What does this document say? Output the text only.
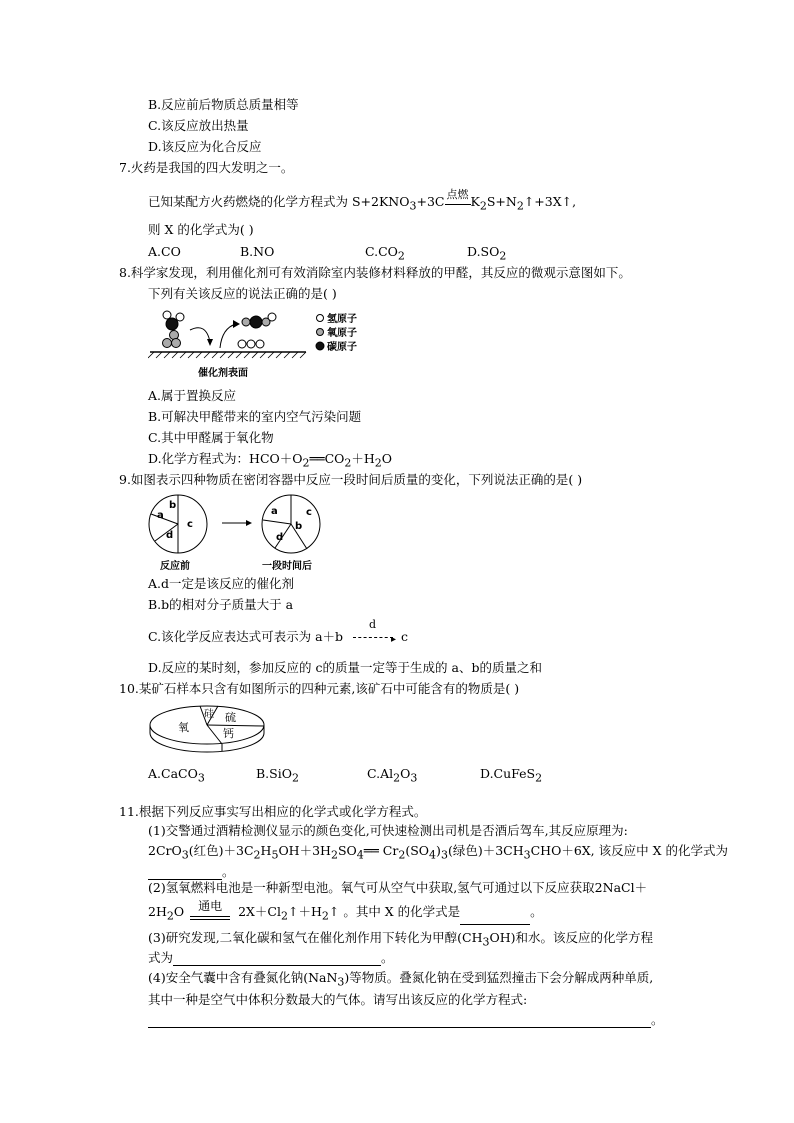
B.反应前后物质总质量相等
C.该反应放出热量
D.该反应为化合反应
7.火药是我国的四大发明之一。
已知某配方火药燃烧的化学方程式为 $S+2KNO_3+3C$ 点燃 $K_2S+N_2↑+3X↑$,
则 X 的化学式为( )
A.CO	B.NO	$C.CO_2$	$D.SO_2$
8.科学家发现，利用催化剂可有效消除室内装修材料释放的甲醛，其反应的微观示意图如下。
下列有关该反应的说法正确的是( )
催化剂表面
氢原子
氧原子
碳原子
A.属于置换反应
B.可解决甲醛带来的室内空气污染问题
C.其中甲醛属于氧化物
D.化学方程式为：$HCO+O_2══CO_2+H_2O$
9.如图表示四种物质在密闭容器中反应一段时间后质量的变化，下列说法正确的是( )
a
b
c
d
a
b
c
d
反应前	一段时间后
A.d一定是该反应的催化剂
B.b的相对分子质量大于 a
C.该化学反应表达式可表示为 a＋b
d
▸ c
D.反应的某时刻，参加反应的 c的质量一定等于生成的 a、b的质量之和
10.某矿石样本只含有如图所示的四种元素,该矿石中可能含有的物质是( )
氧
硅 硫
钙
A.CaCO$_3$	B.SiO$_2$	$C.Al_2O_3$	D.CuFeS$_2$
11.根据下列反应事实写出相应的化学式或化学方程式。
(1)交警通过酒精检测仪显示的颜色变化,可快速检测出司机是否酒后驾车,其反应原理为:
2CrO$_3$(红色)$+3C_2H_5OH+3H_2SO_4══$ $Cr_2(SO_4)_3$(绿色)$+3CH_3CHO+6X$, 该反应中 X 的化学式为
。
(2)氢氧燃料电池是一种新型电池。氧气可从空气中获取,氢气可通过以下反应获取2NaCl＋
$2H_2O$ 通电 $2X+Cl_2↑+H_2↑$ 。其中 X 的化学式是	。
(3)研究发现,二氧化碳和氢气在催化剂作用下转化为甲醇$(CH_3OH)$和水。该反应的化学方程
式为	。
(4)安全气囊中含有叠氮化钠(NaN$_3$)等物质。叠氮化钠在受到猛烈撞击下会分解成两种单质,
其中一种是空气中体积分数最大的气体。请写出该反应的化学方程式:
。
